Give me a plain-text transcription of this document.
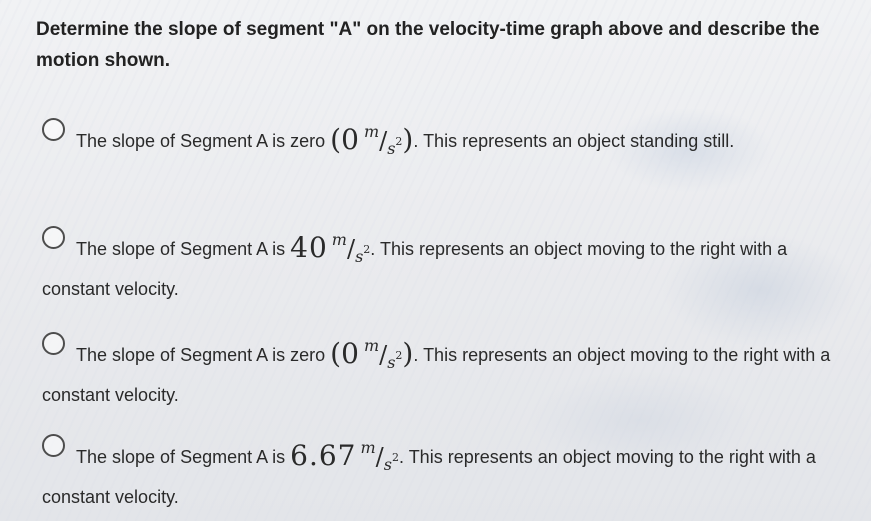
Determine the slope of segment "A" on the velocity-time graph above and describe the motion shown.
The slope of Segment A is zero (0 m/s2). This represents an object standing still.
The slope of Segment A is 40 m/s2. This represents an object moving to the right with a constant velocity.
The slope of Segment A is zero (0 m/s2). This represents an object moving to the right with a constant velocity.
The slope of Segment A is 6.67 m/s2. This represents an object moving to the right with a constant velocity.
